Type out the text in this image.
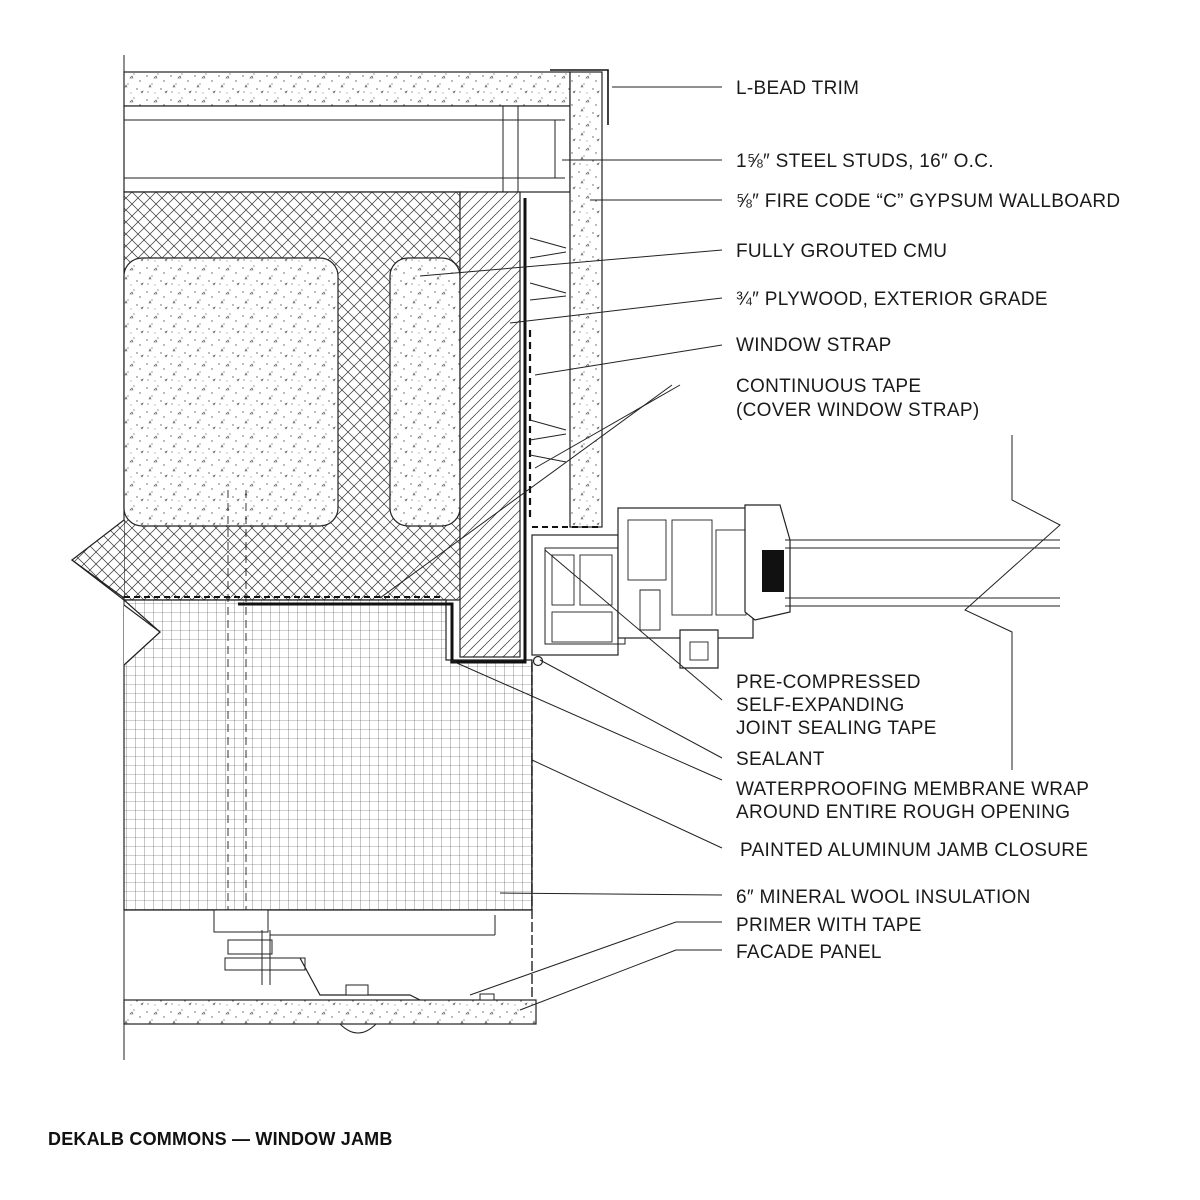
L-BEAD TRIM
1⅝″ STEEL STUDS, 16″ O.C.
⅝″ FIRE CODE “C” GYPSUM WALLBOARD
FULLY GROUTED CMU
¾″ PLYWOOD, EXTERIOR GRADE
WINDOW STRAP
CONTINUOUS TAPE
(COVER WINDOW STRAP)
PRE-COMPRESSED
SELF-EXPANDING
JOINT SEALING TAPE
SEALANT
WATERPROOFING MEMBRANE WRAP
AROUND ENTIRE ROUGH OPENING
PAINTED ALUMINUM JAMB CLOSURE
6″ MINERAL WOOL INSULATION
PRIMER WITH TAPE
FACADE PANEL
DEKALB COMMONS — WINDOW JAMB
